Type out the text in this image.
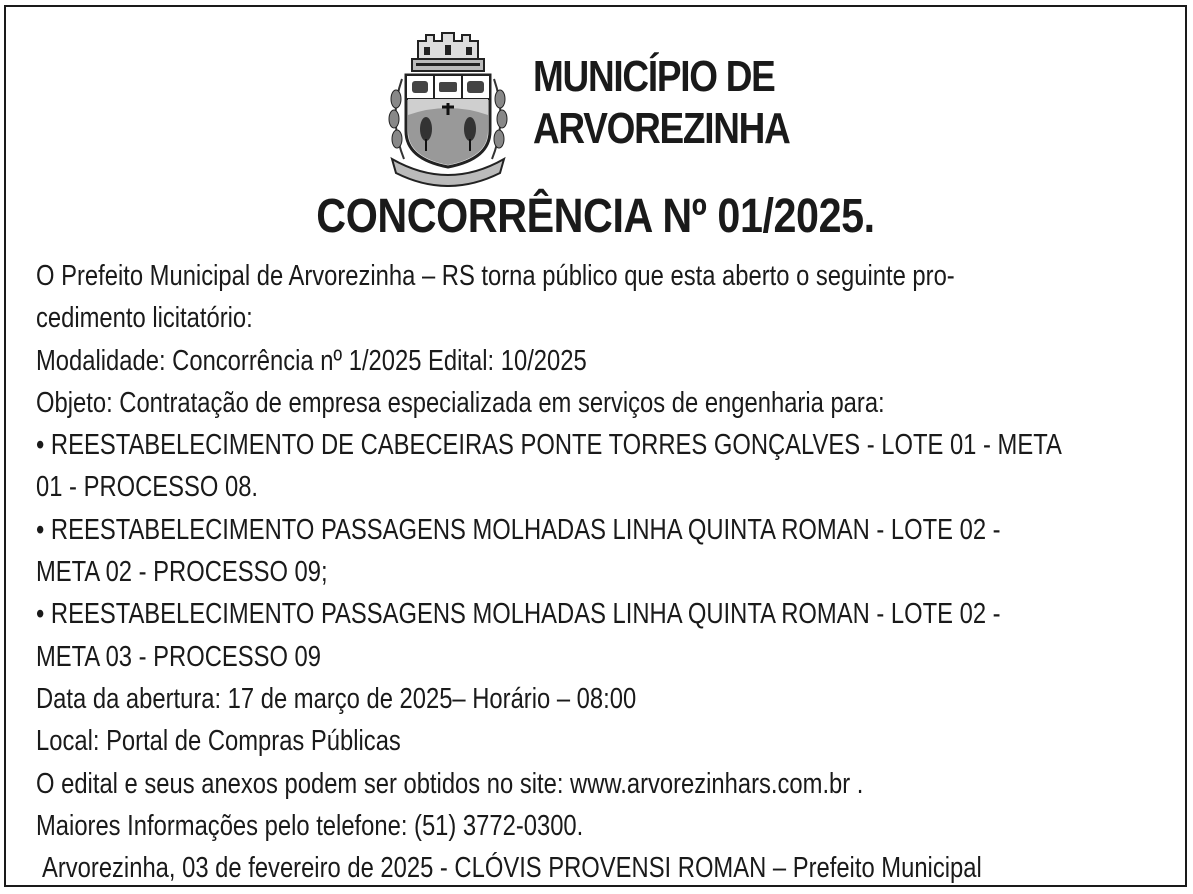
MUNICÍPIO DE
ARVOREZINHA
CONCORRÊNCIA Nº 01/2025.
O Prefeito Municipal de Arvorezinha – RS torna público que esta aberto o seguinte pro-
cedimento licitatório:
Modalidade: Concorrência nº 1/2025 Edital: 10/2025
Objeto: Contratação de empresa especializada em serviços de engenharia para:
• REESTABELECIMENTO DE CABECEIRAS PONTE TORRES GONÇALVES - LOTE 01 - META
01 - PROCESSO 08.
• REESTABELECIMENTO PASSAGENS MOLHADAS LINHA QUINTA ROMAN - LOTE 02 -
META 02 - PROCESSO 09;
• REESTABELECIMENTO PASSAGENS MOLHADAS LINHA QUINTA ROMAN - LOTE 02 -
META 03 - PROCESSO 09
Data da abertura: 17 de março de 2025– Horário – 08:00
Local: Portal de Compras Públicas
O edital e seus anexos podem ser obtidos no site: www.arvorezinhars.com.br .
Maiores Informações pelo telefone: (51) 3772-0300.
Arvorezinha, 03 de fevereiro de 2025 - CLÓVIS PROVENSI ROMAN – Prefeito Municipal
